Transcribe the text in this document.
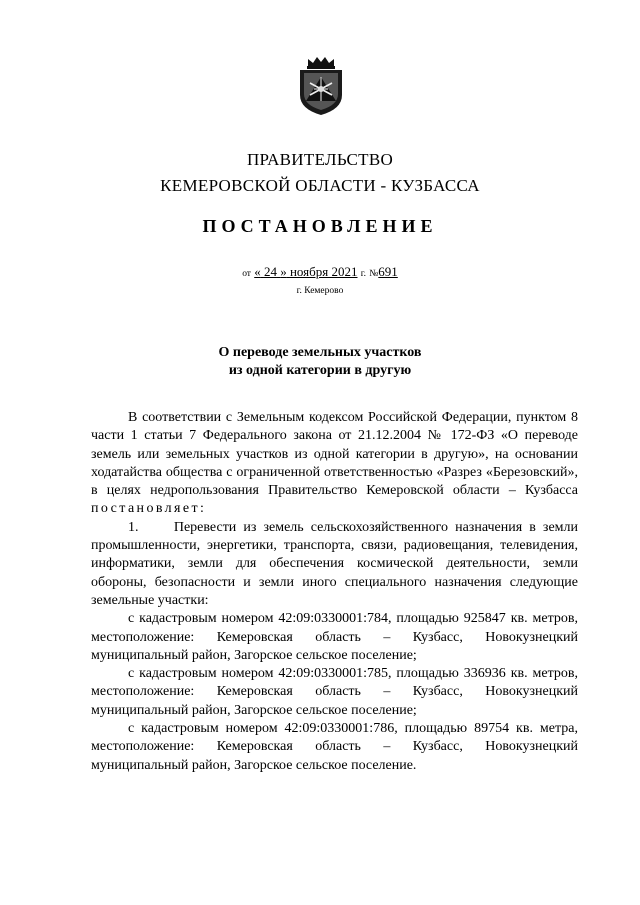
ПРАВИТЕЛЬСТВО
КЕМЕРОВСКОЙ ОБЛАСТИ - КУЗБАССА
ПОСТАНОВЛЕНИЕ
от « 24 » ноября 2021 г. №691
г. Кемерово
О переводе земельных участков
из одной категории в другую

В соответствии с Земельным кодексом Российской Федерации, пунктом 8 части 1 статьи 7 Федерального закона от 21.12.2004 № 172-ФЗ «О переводе земель или земельных участков из одной категории в другую», на основании ходатайства общества с ограниченной ответственностью «Разрез «Березовский», в целях недропользования Правительство Кемеровской области – Кузбасса постановляет:

1.     Перевести из земель сельскохозяйственного назначения в земли промышленности, энергетики, транспорта, связи, радиовещания, телевидения, информатики, земли для обеспечения космической деятельности, земли обороны, безопасности и земли иного специального назначения следующие земельные участки:

с кадастровым номером 42:09:0330001:784, площадью 925847 кв. метров, местоположение: Кемеровская область – Кузбасс, Новокузнецкий муниципальный район, Загорское сельское поселение;

с кадастровым номером 42:09:0330001:785, площадью 336936 кв. метров, местоположение: Кемеровская область – Кузбасс, Новокузнецкий муниципальный район, Загорское сельское поселение;

с кадастровым номером 42:09:0330001:786, площадью 89754 кв. метра, местоположение: Кемеровская область – Кузбасс, Новокузнецкий муниципальный район, Загорское сельское поселение.
